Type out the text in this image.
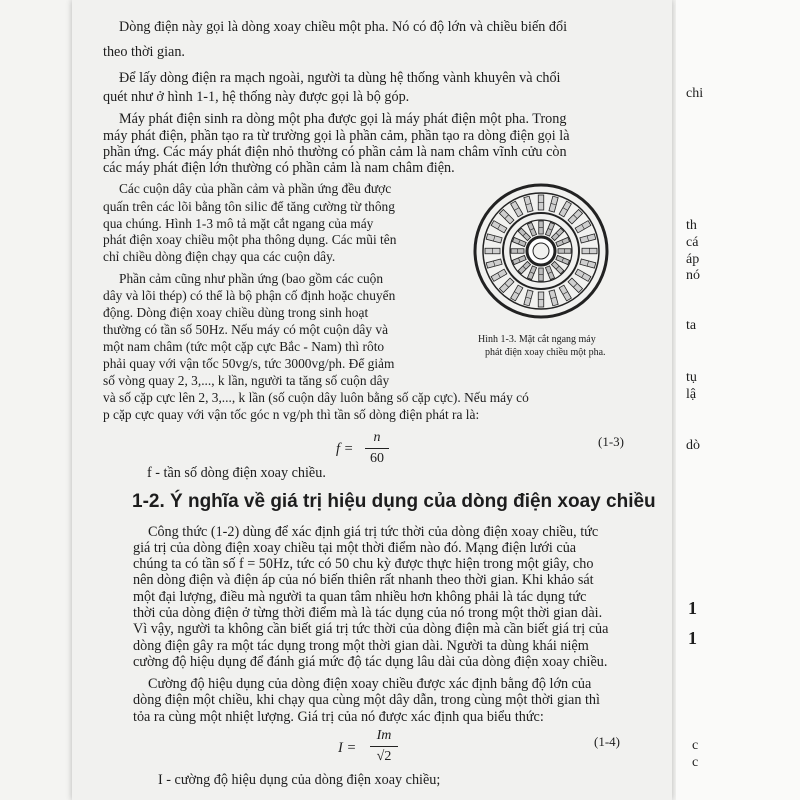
Dòng điện này gọi là dòng xoay chiều một pha. Nó có độ lớn và chiều biến đổi
theo thời gian.
Để lấy dòng điện ra mạch ngoài, người ta dùng hệ thống vành khuyên và chổi
quét như ở hình 1-1, hệ thống này được gọi là bộ góp.
Máy phát điện sinh ra dòng một pha được gọi là máy phát điện một pha. Trong
máy phát điện, phần tạo ra từ trường gọi là phần cảm, phần tạo ra dòng điện gọi là
phần ứng. Các máy phát điện nhỏ thường có phần cảm là nam châm vĩnh cửu còn
các máy phát điện lớn thường có phần cảm là nam châm điện.
Các cuộn dây của phần cảm và phần ứng đều được
quấn trên các lõi bằng tôn silic để tăng cường từ thông
qua chúng. Hình 1-3 mô tả mặt cắt ngang của máy
phát điện xoay chiều một pha thông dụng. Các mũi tên
chỉ chiều dòng điện chạy qua các cuộn dây.
Phần cảm cũng như phần ứng (bao gồm các cuộn
dây và lõi thép) có thể là bộ phận cố định hoặc chuyển
động. Dòng điện xoay chiều dùng trong sinh hoạt
thường có tần số 50Hz. Nếu máy có một cuộn dây và
một nam châm (tức một cặp cực Bắc - Nam) thì rôto
phải quay với vận tốc 50vg/s, tức 3000vg/ph. Để giảm
số vòng quay 2, 3,..., k lần, người ta tăng số cuộn dây
và số cặp cực lên 2, 3,..., k lần (số cuộn dây luôn bằng số cặp cực). Nếu máy có
p cặp cực quay với vận tốc góc n vg/ph thì tần số dòng điện phát ra là:
Hình 1-3. Mặt cắt ngang máy
phát điện xoay chiều một pha.
f =
n
60
(1-3)
f - tần số dòng điện xoay chiều.
1-2. Ý nghĩa về giá trị hiệu dụng của dòng điện xoay chiều
Công thức (1-2) dùng để xác định giá trị tức thời của dòng điện xoay chiều, tức
giá trị của dòng điện xoay chiều tại một thời điểm nào đó. Mạng điện lưới của
chúng ta có tần số f = 50Hz, tức có 50 chu kỳ được thực hiện trong một giây, cho
nên dòng điện và điện áp của nó biến thiên rất nhanh theo thời gian. Khi khảo sát
một đại lượng, điều mà người ta quan tâm nhiều hơn không phải là tác dụng tức
thời của dòng điện ở từng thời điểm mà là tác dụng của nó trong một thời gian dài.
Vì vậy, người ta không cần biết giá trị tức thời của dòng điện mà cần biết giá trị của
dòng điện gây ra một tác dụng trong một thời gian dài. Người ta dùng khái niệm
cường độ hiệu dụng để đánh giá mức độ tác dụng lâu dài của dòng điện xoay chiều.
Cường độ hiệu dụng của dòng điện xoay chiều được xác định bằng độ lớn của
dòng điện một chiều, khi chạy qua cùng một dây dẫn, trong cùng một thời gian thì
tỏa ra cùng một nhiệt lượng. Giá trị của nó được xác định qua biểu thức:
I =
Im
√2
(1-4)
I - cường độ hiệu dụng của dòng điện xoay chiều;
chi
th
cá
áp
nó
ta
tụ
lậ
dò
1
1
c
c
